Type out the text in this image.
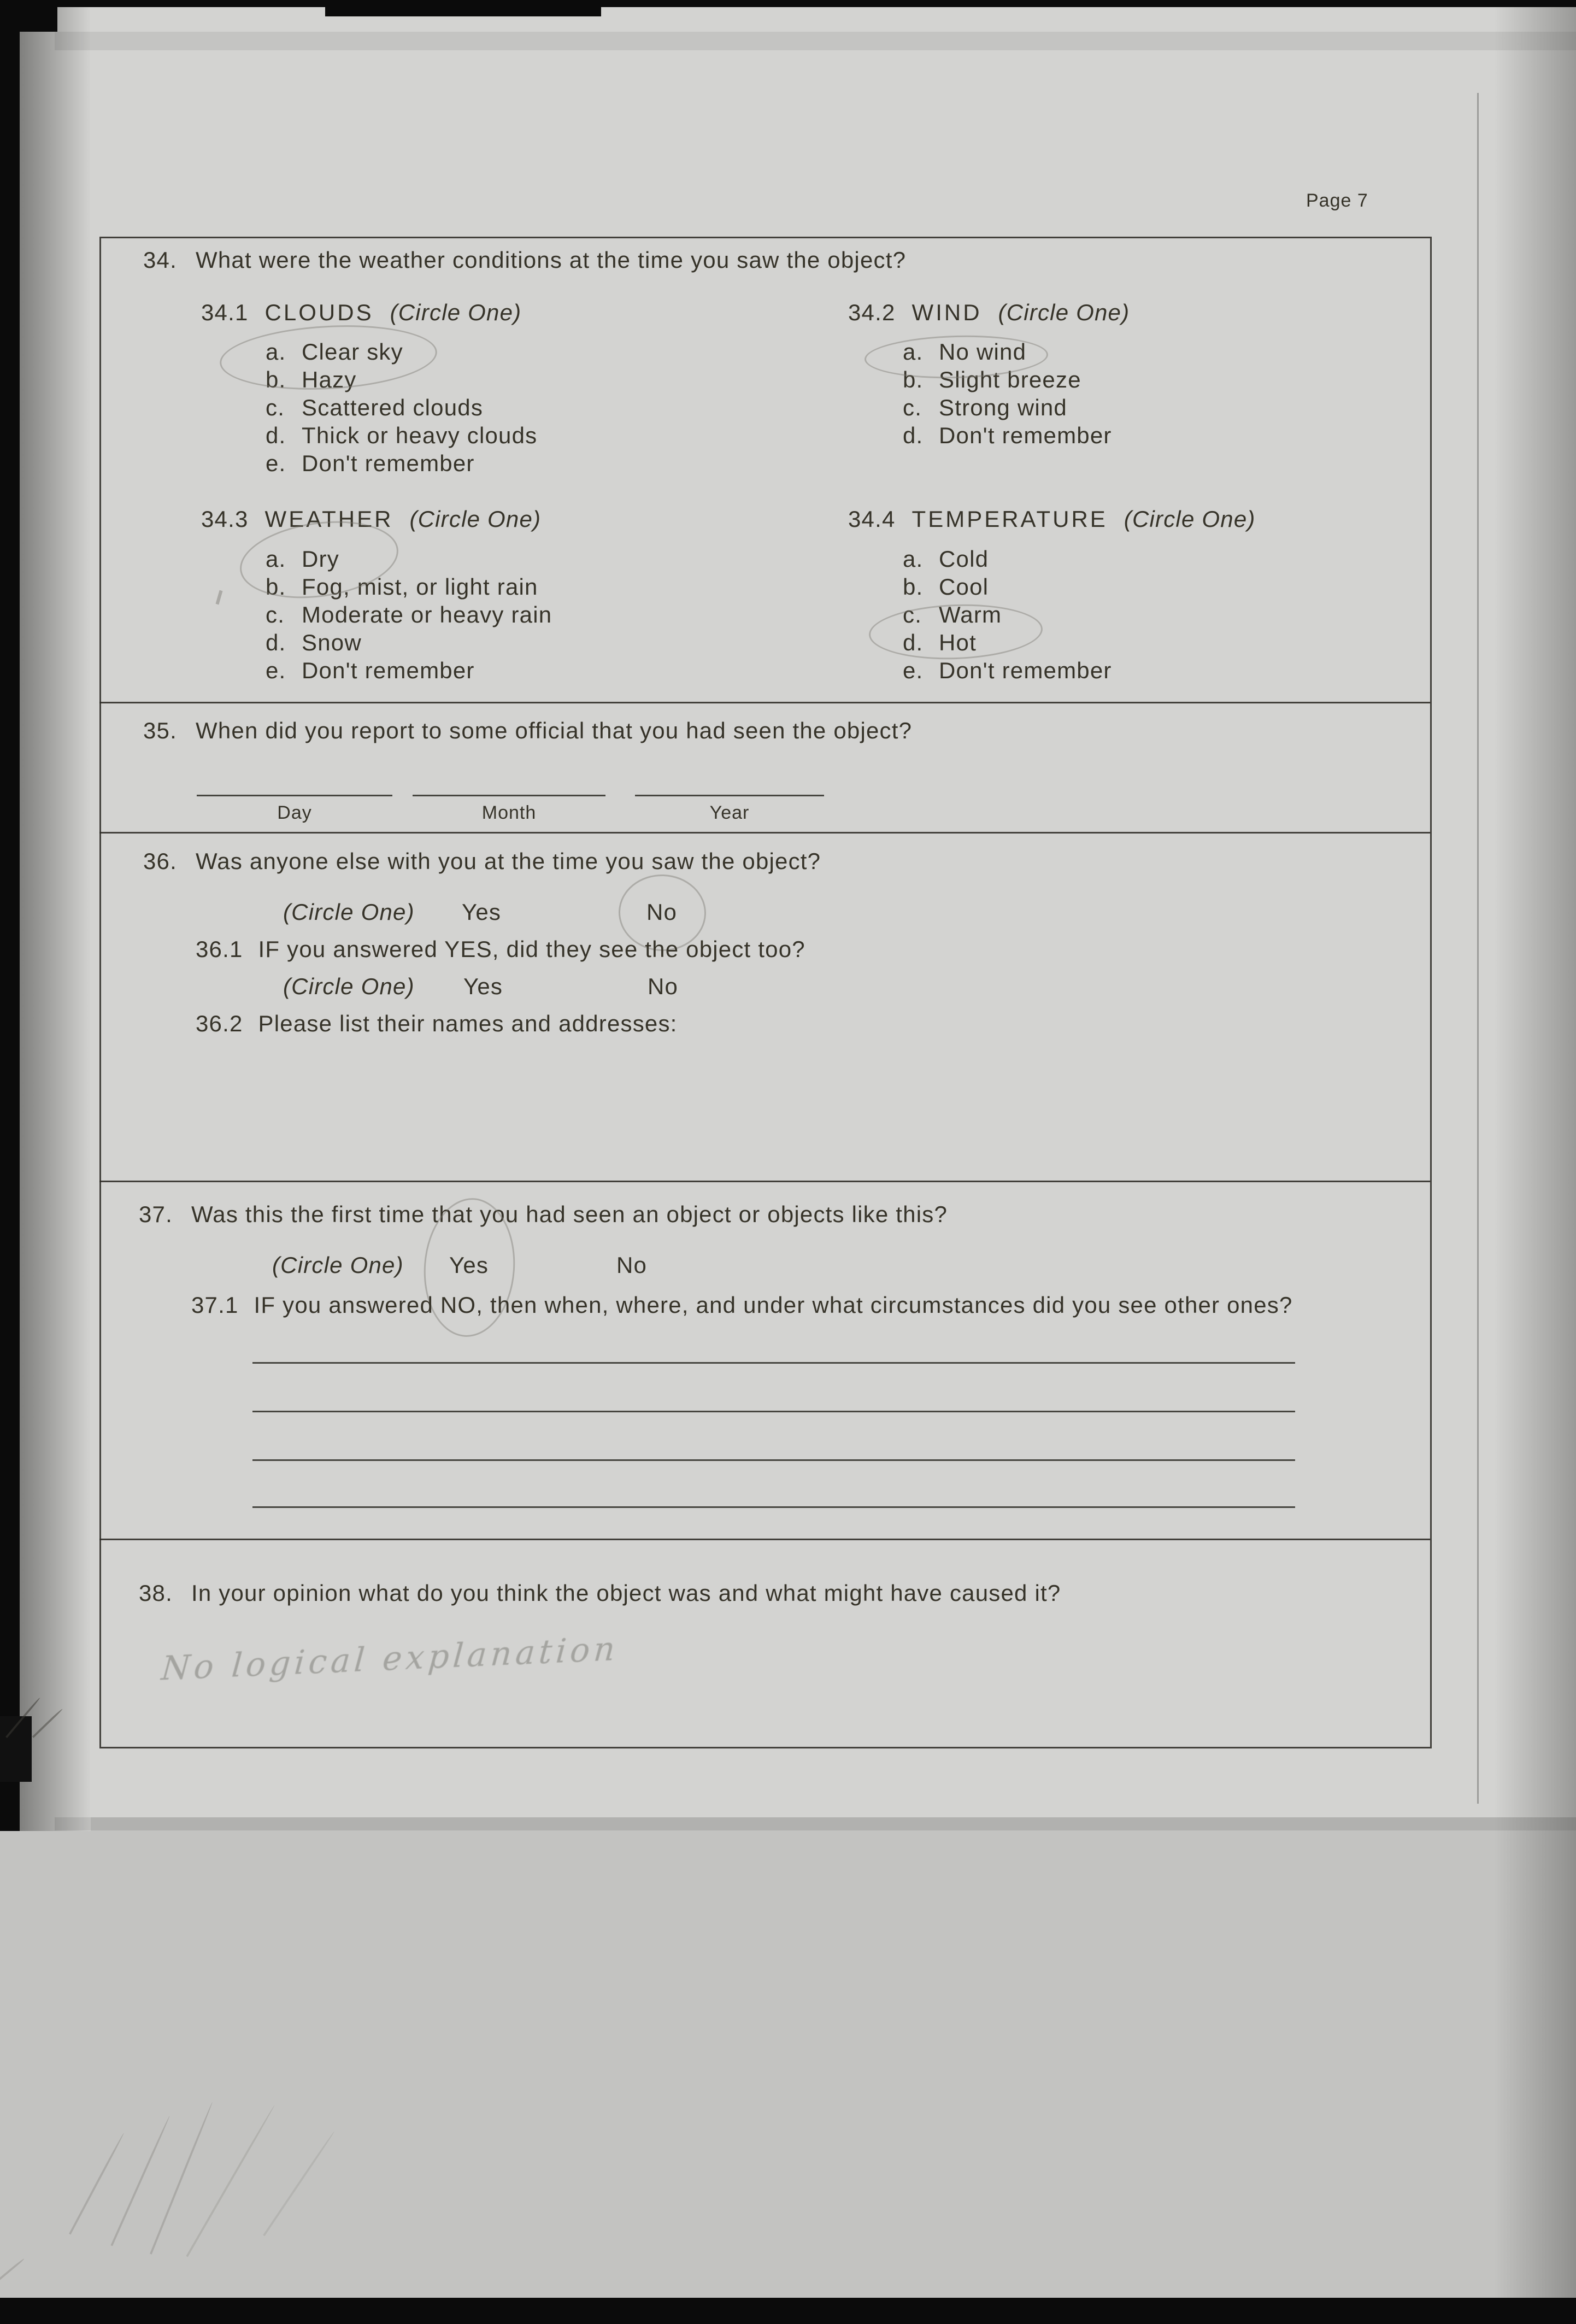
Page 7
34. What were the weather conditions at the time you saw the object?
34.1 CLOUDS (Circle One)
a. Clear sky
b. Hazy
c. Scattered clouds
d. Thick or heavy clouds
e. Don't remember
34.2 WIND (Circle One)
a. No wind
b. Slight breeze
c. Strong wind
d. Don't remember
34.3 WEATHER (Circle One)
a. Dry
b. Fog, mist, or light rain
c. Moderate or heavy rain
d. Snow
e. Don't remember
34.4 TEMPERATURE (Circle One)
a. Cold
b. Cool
c. Warm
d. Hot
e. Don't remember
35. When did you report to some official that you had seen the object?
Day	Month	Year
36. Was anyone else with you at the time you saw the object?
(Circle One) Yes	No
36.1 IF you answered YES, did they see the object too?
(Circle One) Yes	No
36.2 Please list their names and addresses:
37. Was this the first time that you had seen an object or objects like this?
(Circle One) Yes	No
37.1 IF you answered NO, then when, where, and under what circumstances did you see other ones?
38. In your opinion what do you think the object was and what might have caused it?
No logical explanation
